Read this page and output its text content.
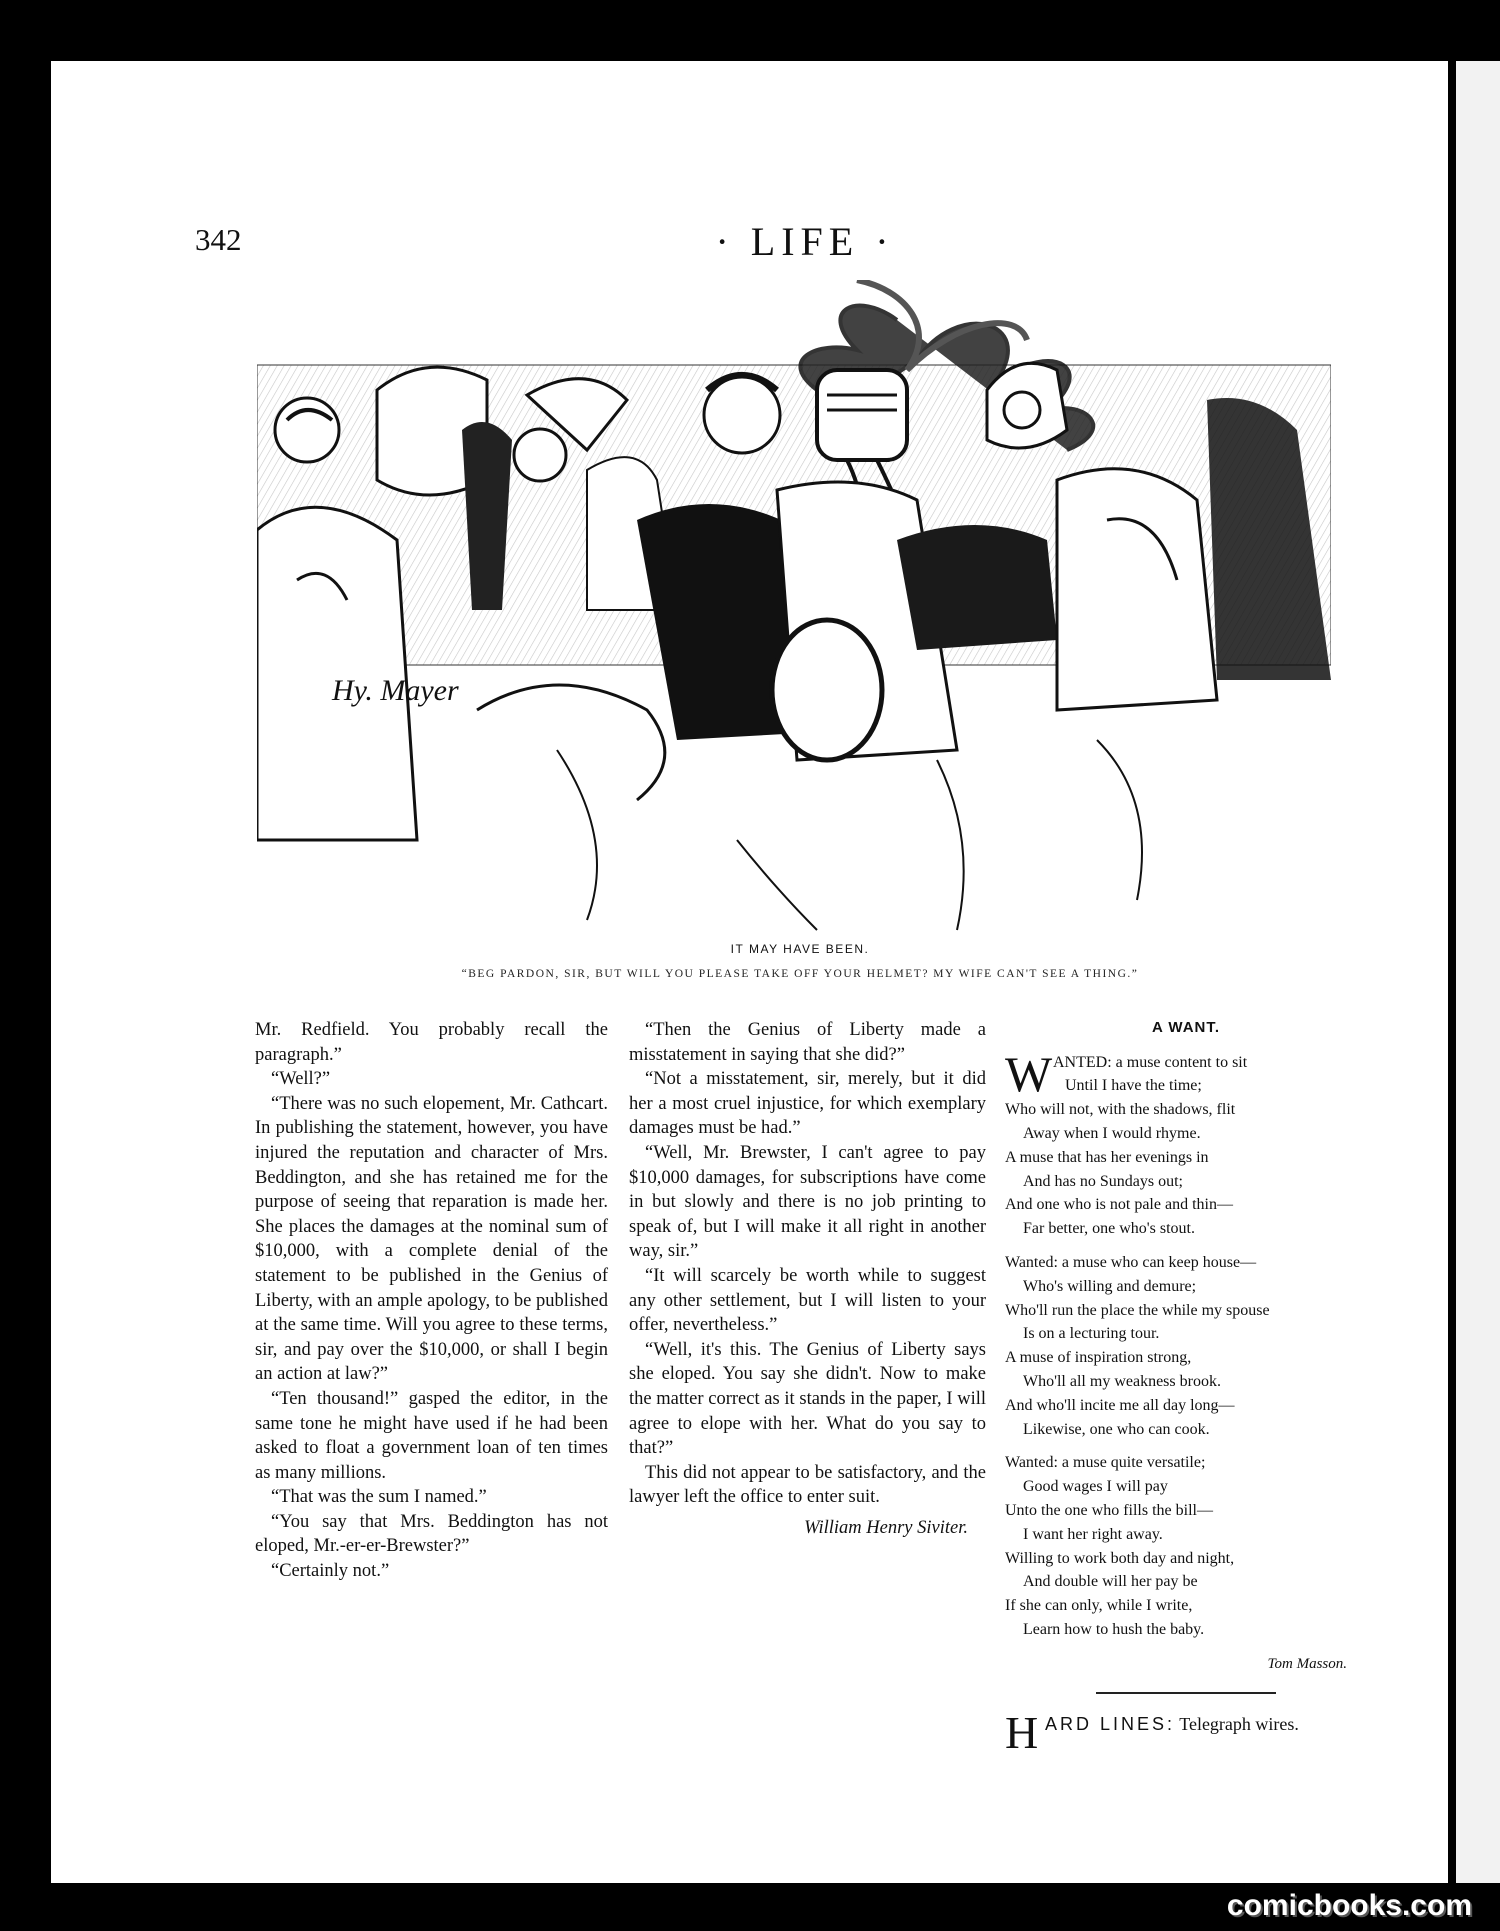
342	· LIFE ·
Hy. Mayer
IT MAY HAVE BEEN.
“BEG PARDON, SIR, BUT WILL YOU PLEASE TAKE OFF YOUR HELMET? MY WIFE CAN'T SEE A THING.”

Mr. Redfield. You probably recall the paragraph.”

“Well?”

“There was no such elopement, Mr. Cathcart. In publishing the statement, however, you have injured the reputation and character of Mrs. Beddington, and she has retained me for the purpose of seeing that reparation is made her. She places the damages at the nominal sum of $10,000, with a complete denial of the statement to be published in the Genius of Liberty, with an ample apology, to be published at the same time. Will you agree to these terms, sir, and pay over the $10,000, or shall I begin an action at law?”

“Ten thousand!” gasped the editor, in the same tone he might have used if he had been asked to float a government loan of ten times as many millions.

“That was the sum I named.”

“You say that Mrs. Beddington has not eloped, Mr.-er-er-Brewster?”

“Certainly not.”

“Then the Genius of Liberty made a misstatement in saying that she did?”

“Not a misstatement, sir, merely, but it did her a most cruel injustice, for which exemplary damages must be had.”

“Well, Mr. Brewster, I can't agree to pay $10,000 damages, for subscriptions have come in but slowly and there is no job printing to speak of, but I will make it all right in another way, sir.”

“It will scarcely be worth while to suggest any other settlement, but I will listen to your offer, nevertheless.”

“Well, it's this. The Genius of Liberty says she eloped. You say she didn't. Now to make the matter correct as it stands in the paper, I will agree to elope with her. What do you say to that?”

This did not appear to be satisfactory, and the lawyer left the office to enter suit.

William Henry Siviter.
A WANT.
W ANTED: a muse content to sit
Until I have the time;
Who will not, with the shadows, flit
Away when I would rhyme.
A muse that has her evenings in
And has no Sundays out;
And one who is not pale and thin—
Far better, one who's stout.
Wanted: a muse who can keep house—
Who's willing and demure;
Who'll run the place the while my spouse
Is on a lecturing tour.
A muse of inspiration strong,
Who'll all my weakness brook.
And who'll incite me all day long—
Likewise, one who can cook.
Wanted: a muse quite versatile;
Good wages I will pay
Unto the one who fills the bill—
I want her right away.
Willing to work both day and night,
And double will her pay be
If she can only, while I write,
Learn how to hush the baby.
Tom Masson.
H ARD LINES: Telegraph wires.
comicbooks.com
